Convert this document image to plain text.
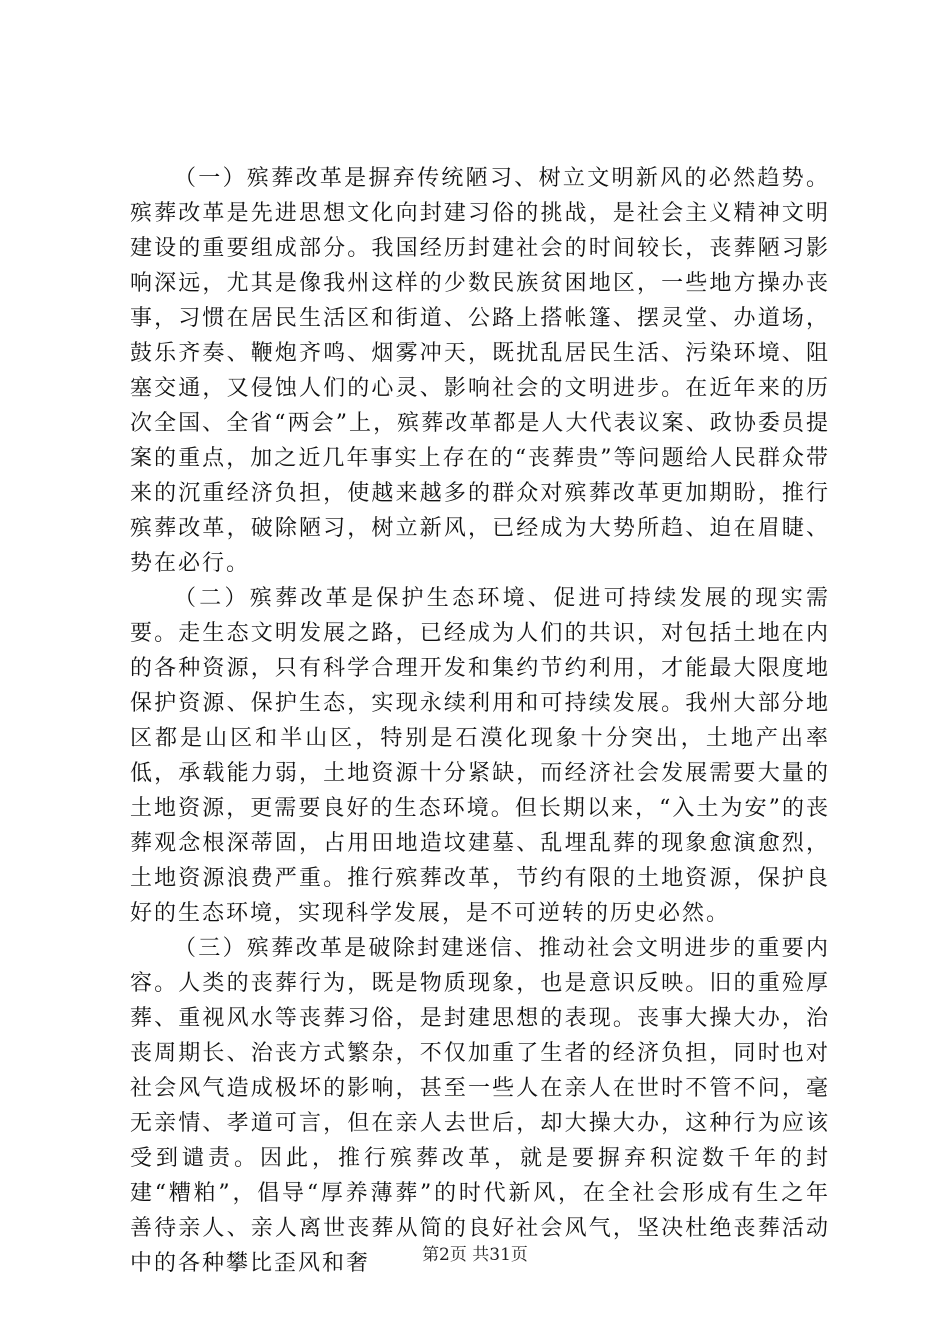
（一）殡葬改革是摒弃传统陋习、树立文明新风的必然趋势。殡葬改革是先进思想文化向封建习俗的挑战，是社会主义精神文明建设的重要组成部分。我国经历封建社会的时间较长，丧葬陋习影响深远，尤其是像我州这样的少数民族贫困地区，一些地方操办丧事，习惯在居民生活区和街道、公路上搭帐篷、摆灵堂、办道场，鼓乐齐奏、鞭炮齐鸣、烟雾冲天，既扰乱居民生活、污染环境、阻塞交通，又侵蚀人们的心灵、影响社会的文明进步。在近年来的历次全国、全省“两会”上，殡葬改革都是人大代表议案、政协委员提案的重点，加之近几年事实上存在的“丧葬贵”等问题给人民群众带来的沉重经济负担，使越来越多的群众对殡葬改革更加期盼，推行殡葬改革，破除陋习，树立新风，已经成为大势所趋、迫在眉睫、势在必行。

（二）殡葬改革是保护生态环境、促进可持续发展的现实需要。走生态文明发展之路，已经成为人们的共识，对包括土地在内的各种资源，只有科学合理开发和集约节约利用，才能最大限度地保护资源、保护生态，实现永续利用和可持续发展。我州大部分地区都是山区和半山区，特别是石漠化现象十分突出，土地产出率低，承载能力弱，土地资源十分紧缺，而经济社会发展需要大量的土地资源，更需要良好的生态环境。但长期以来，“入土为安”的丧葬观念根深蒂固，占用田地造坟建墓、乱埋乱葬的现象愈演愈烈，土地资源浪费严重。推行殡葬改革，节约有限的土地资源，保护良好的生态环境，实现科学发展，是不可逆转的历史必然。

（三）殡葬改革是破除封建迷信、推动社会文明进步的重要内容。人类的丧葬行为，既是物质现象，也是意识反映。旧的重殓厚葬、重视风水等丧葬习俗，是封建思想的表现。丧事大操大办，治丧周期长、治丧方式繁杂，不仅加重了生者的经济负担，同时也对社会风气造成极坏的影响，甚至一些人在亲人在世时不管不问，毫无亲情、孝道可言，但在亲人去世后，却大操大办，这种行为应该受到谴责。因此，推行殡葬改革，就是要摒弃积淀数千年的封建“糟粕”，倡导“厚养薄葬”的时代新风，在全社会形成有生之年善待亲人、亲人离世丧葬从简的良好社会风气，坚决杜绝丧葬活动中的各种攀比歪风和奢	第2页 共31页
